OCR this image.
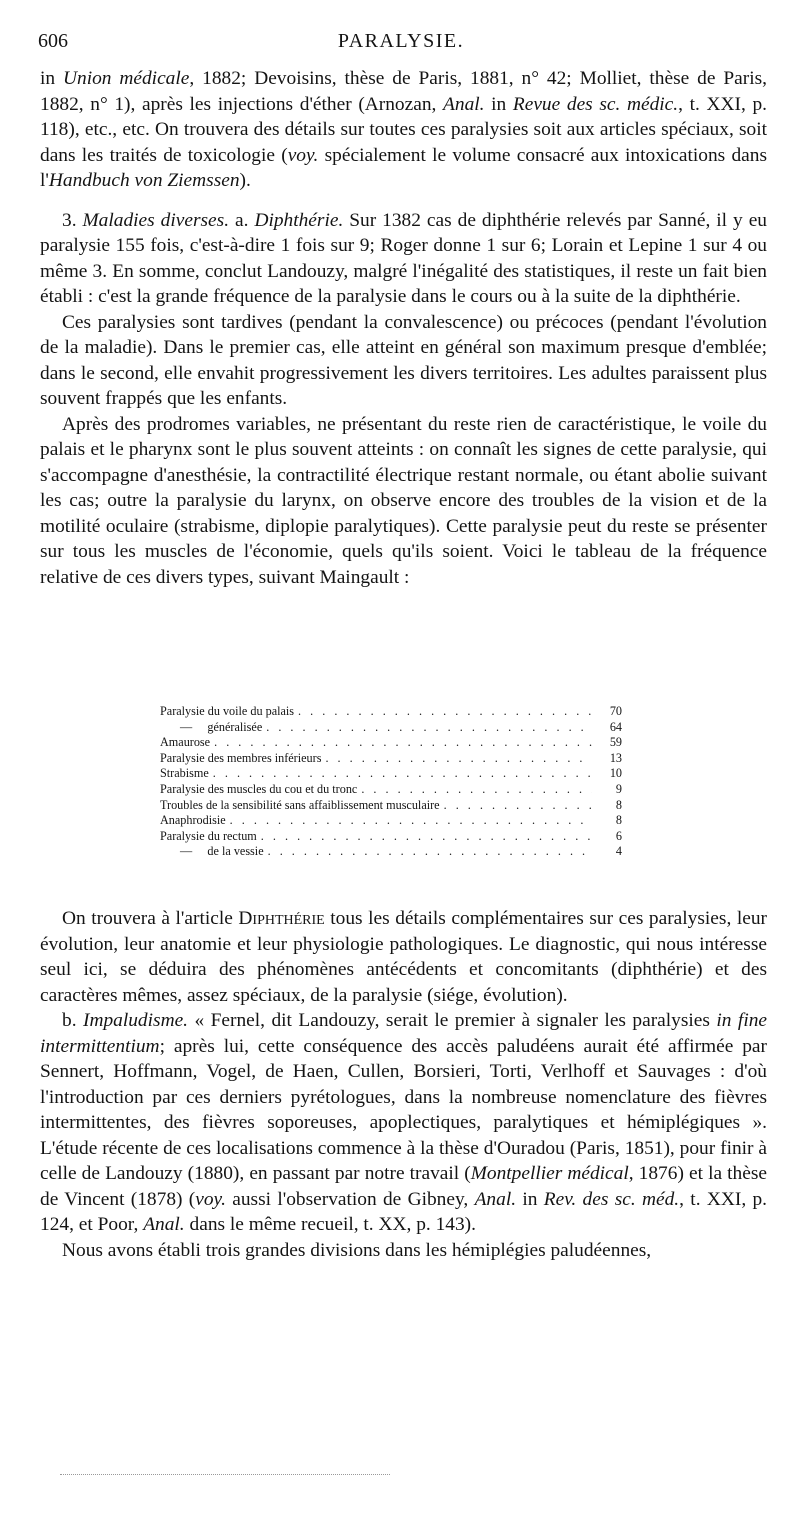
606	PARALYSIE.

in Union médicale, 1882; Devoisins, thèse de Paris, 1881, n° 42; Molliet, thèse de Paris, 1882, n° 1), après les injections d'éther (Arnozan, Anal. in Revue des sc. médic., t. XXI, p. 118), etc., etc. On trouvera des détails sur toutes ces paralysies soit aux articles spéciaux, soit dans les traités de toxicologie (voy. spécialement le volume consacré aux intoxications dans l'Handbuch von Ziemssen).

3. Maladies diverses. a. Diphthérie. Sur 1382 cas de diphthérie relevés par Sanné, il y eu paralysie 155 fois, c'est-à-dire 1 fois sur 9; Roger donne 1 sur 6; Lorain et Lepine 1 sur 4 ou même 3. En somme, conclut Landouzy, malgré l'inégalité des statistiques, il reste un fait bien établi : c'est la grande fréquence de la paralysie dans le cours ou à la suite de la diphthérie.

Ces paralysies sont tardives (pendant la convalescence) ou précoces (pendant l'évolution de la maladie). Dans le premier cas, elle atteint en général son maximum presque d'emblée; dans le second, elle envahit progressivement les divers territoires. Les adultes paraissent plus souvent frappés que les enfants.

Après des prodromes variables, ne présentant du reste rien de caractéristique, le voile du palais et le pharynx sont le plus souvent atteints : on connaît les signes de cette paralysie, qui s'accompagne d'anesthésie, la contractilité électrique restant normale, ou étant abolie suivant les cas; outre la paralysie du larynx, on observe encore des troubles de la vision et de la motilité oculaire (strabisme, diplopie paralytiques). Cette paralysie peut du reste se présenter sur tous les muscles de l'économie, quels qu'ils soient. Voici le tableau de la fréquence relative de ces divers types, suivant Maingault :

Paralysie du voile du palais . . .	70
— généralisée . . .	64
Amaurose . . .	59
Paralysie des membres inférieurs . . .	13
Strabisme . . .	10
Paralysie des muscles du cou et du tronc . . .	9
Troubles de la sensibilité sans affaiblissement musculaire . . .	8
Anaphrodisie . . .	8
Paralysie du rectum . . .	6
— de la vessie . . .	4

On trouvera à l'article Diphthérie tous les détails complémentaires sur ces paralysies, leur évolution, leur anatomie et leur physiologie pathologiques. Le diagnostic, qui nous intéresse seul ici, se déduira des phénomènes antécédents et concomitants (diphthérie) et des caractères mêmes, assez spéciaux, de la paralysie (siége, évolution).

b. Impaludisme. « Fernel, dit Landouzy, serait le premier à signaler les paralysies in fine intermittentium; après lui, cette conséquence des accès paludéens aurait été affirmée par Sennert, Hoffmann, Vogel, de Haen, Cullen, Borsieri, Torti, Verlhoff et Sauvages : d'où l'introduction par ces derniers pyrétologues, dans la nombreuse nomenclature des fièvres intermittentes, des fièvres soporeuses, apoplectiques, paralytiques et hémiplégiques ». L'étude récente de ces localisations commence à la thèse d'Ouradou (Paris, 1851), pour finir à celle de Landouzy (1880), en passant par notre travail (Montpellier médical, 1876) et la thèse de Vincent (1878) (voy. aussi l'observation de Gibney, Anal. in Rev. des sc. méd., t. XXI, p. 124, et Poor, Anal. dans le même recueil, t. XX, p. 143).

Nous avons établi trois grandes divisions dans les hémiplégies paludéennes,
